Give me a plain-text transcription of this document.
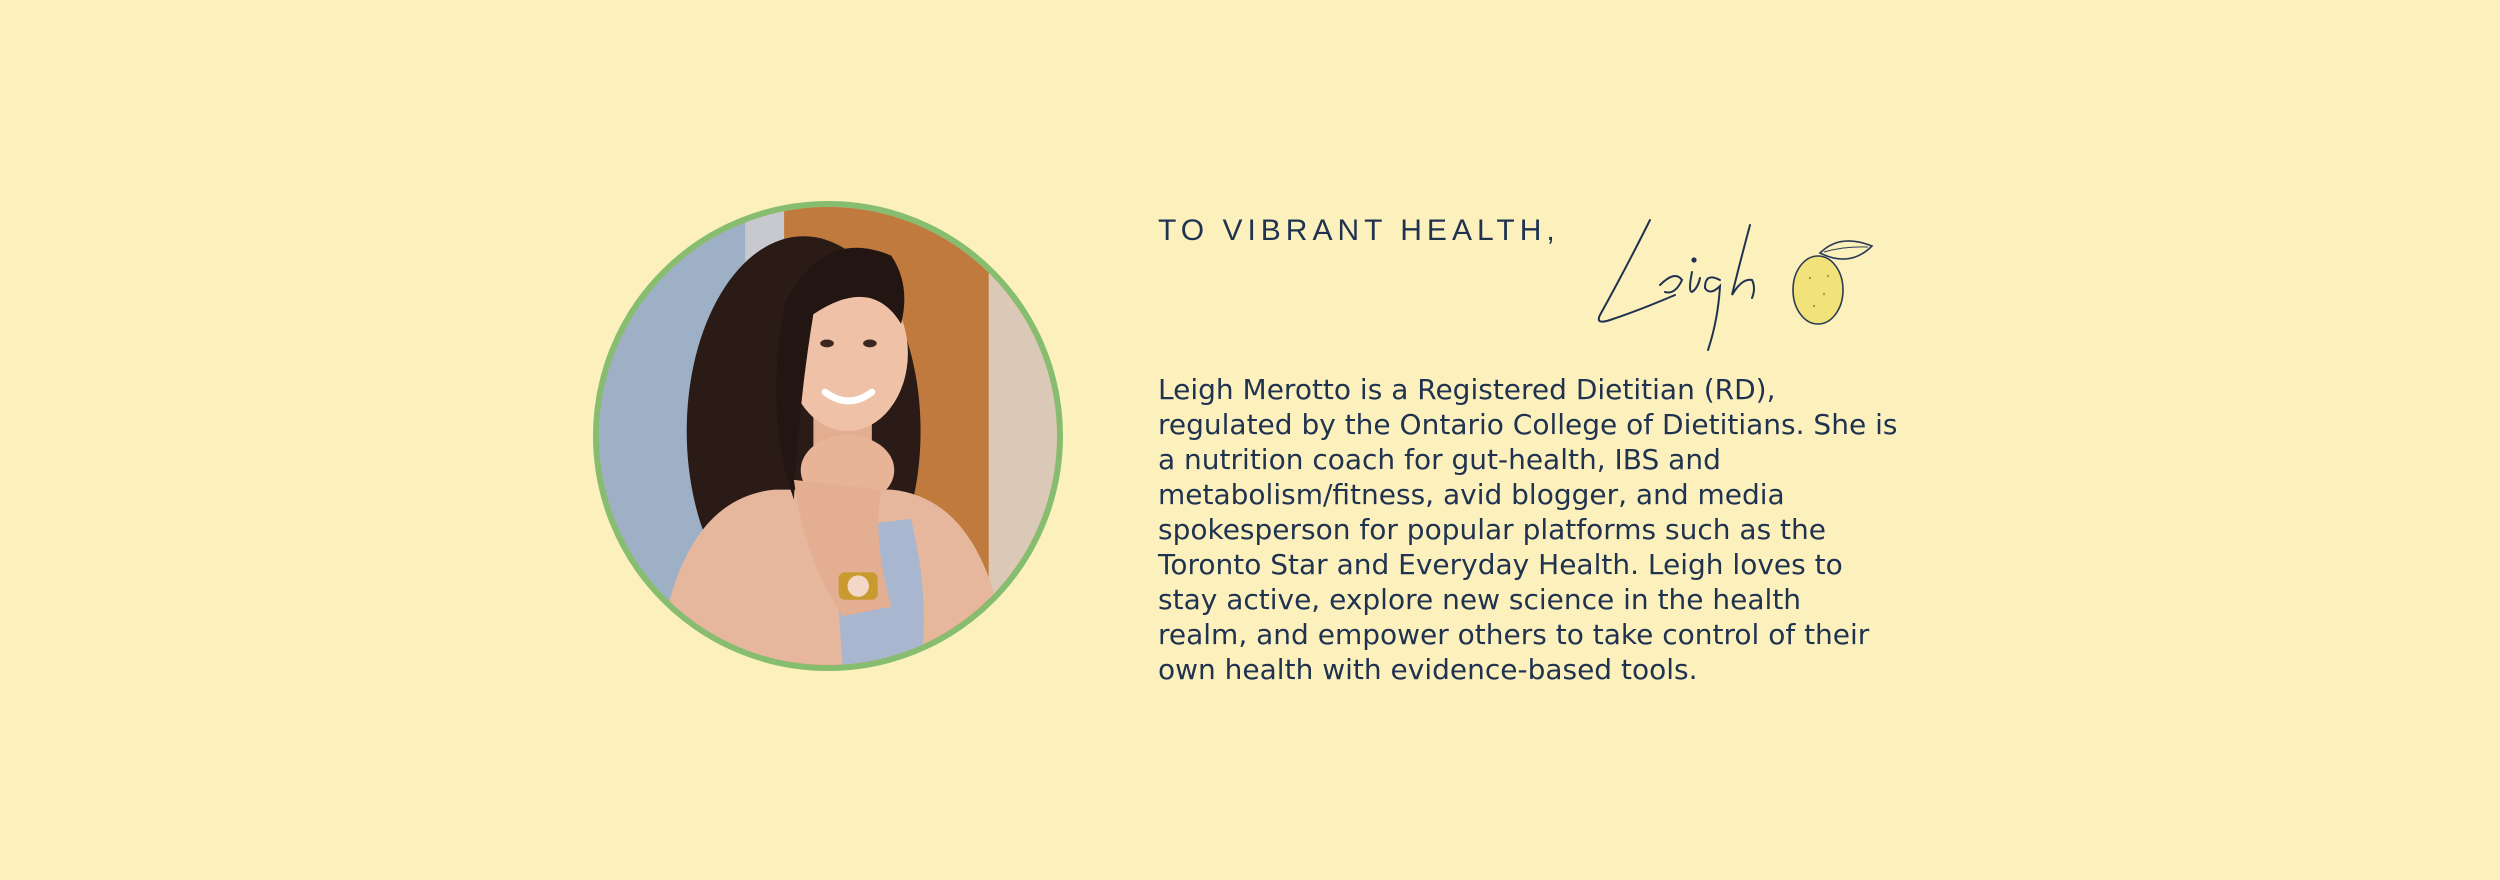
TO VIBRANT HEALTH,

Leigh Merotto is a Registered Dietitian (RD), regulated by the Ontario College of Dietitians. She is a nutrition coach for gut-health, IBS and metabolism/fitness, avid blogger, and media spokesperson for popular platforms such as the Toronto Star and Everyday Health. Leigh loves to stay active, explore new science in the health realm, and empower others to take control of their own health with evidence-based tools.
